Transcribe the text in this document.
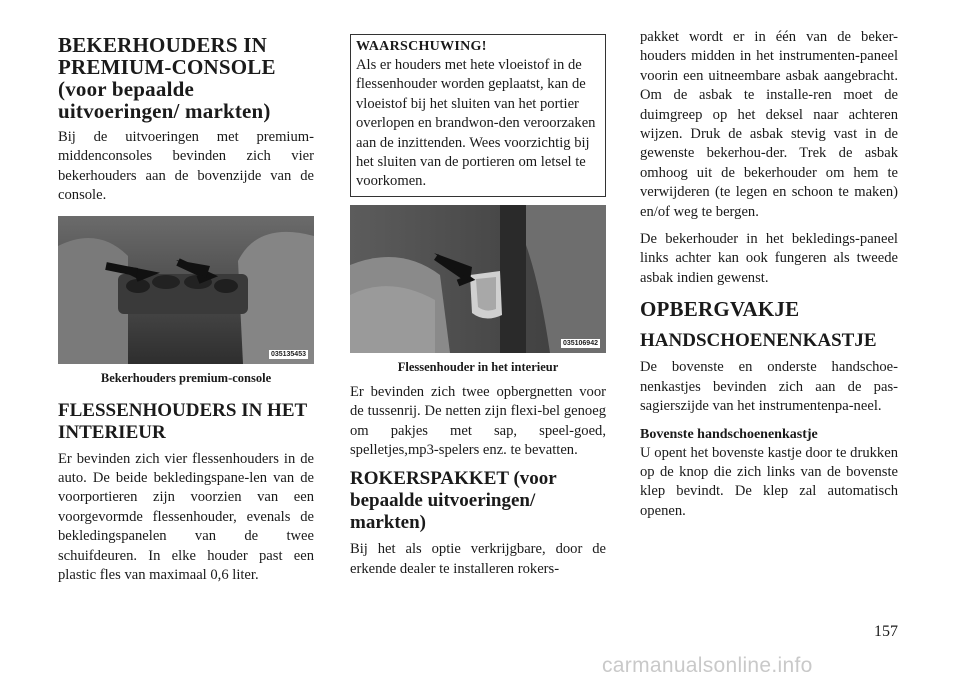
BEKERHOUDERS IN PREMIUM-CONSOLE (voor bepaalde uitvoeringen/ markten)

Bij de uitvoeringen met premium-middenconsoles bevinden zich vier bekerhouders aan de bovenzijde van de console.

035135453
Bekerhouders premium-console
FLESSENHOUDERS IN HET INTERIEUR

Er bevinden zich vier flessenhouders in de auto. De beide bekledingspane-len van de voorportieren zijn voorzien van een voorgevormde flessenhouder, evenals de bekledingspanelen van de twee schuifdeuren. In elke houder past een plastic fles van maximaal 0,6 liter.

WAARSCHUWING!

Als er houders met hete vloeistof in de flessenhouder worden geplaatst, kan de vloeistof bij het sluiten van het portier overlopen en brandwon-den veroorzaken aan de inzittenden. Wees voorzichtig bij het sluiten van de portieren om letsel te voorkomen.

035106942
Flessenhouder in het interieur

Er bevinden zich twee opbergnetten voor de tussenrij. De netten zijn flexi-bel genoeg om pakjes met sap, speel-goed, spelletjes,mp3-spelers enz. te bevatten.

ROKERSPAKKET (voor bepaalde uitvoeringen/ markten)

Bij het als optie verkrijgbare, door de erkende dealer te installeren rokers-

pakket wordt er in één van de beker-houders midden in het instrumenten-paneel voorin een uitneembare asbak aangebracht. Om de asbak te installe-ren moet de duimgreep op het deksel naar achteren wijzen. Druk de asbak stevig vast in de gewenste bekerhou-der. Trek de asbak omhoog uit de bekerhouder om hem te verwijderen (te legen en schoon te maken) en/of weg te bergen.

De bekerhouder in het bekledings-paneel links achter kan ook fungeren als tweede asbak indien gewenst.

OPBERGVAKJE
HANDSCHOENENKASTJE

De bovenste en onderste handschoe-nenkastjes bevinden zich aan de pas-sagierszijde van het instrumentenpa-neel.

Bovenste handschoenenkastje

U opent het bovenste kastje door te drukken op de knop die zich links van de bovenste klep bevindt. De klep zal automatisch openen.

157
carmanualsonline.info
